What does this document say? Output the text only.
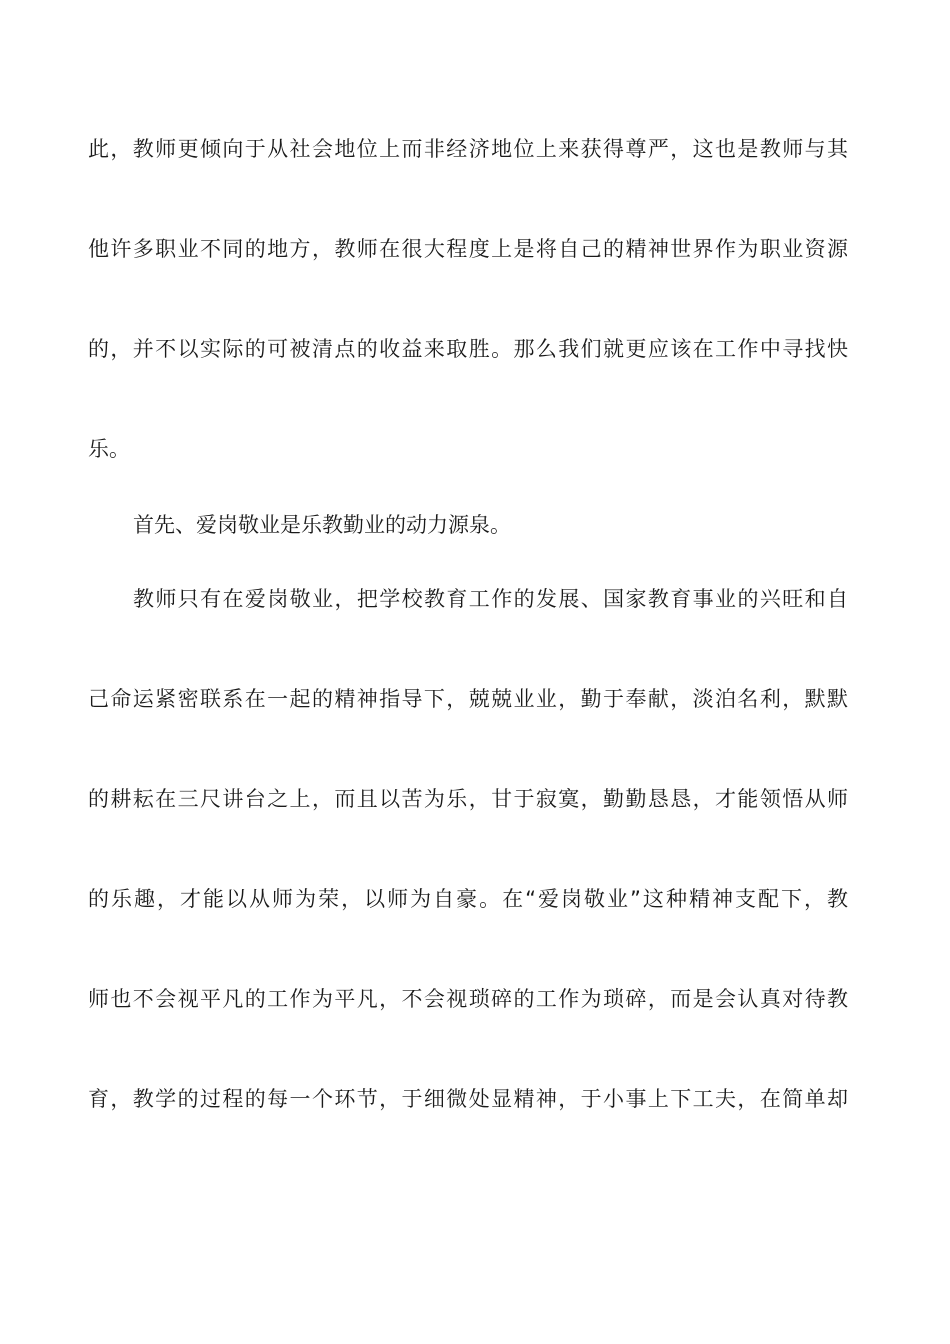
此，教师更倾向于从社会地位上而非经济地位上来获得尊严，这也是教师与其
他许多职业不同的地方，教师在很大程度上是将自己的精神世界作为职业资源
的，并不以实际的可被清点的收益来取胜。那么我们就更应该在工作中寻找快
乐。
首先、爱岗敬业是乐教勤业的动力源泉。
教师只有在爱岗敬业，把学校教育工作的发展、国家教育事业的兴旺和自
己命运紧密联系在一起的精神指导下，兢兢业业，勤于奉献，淡泊名利，默默
的耕耘在三尺讲台之上，而且以苦为乐，甘于寂寞，勤勤恳恳，才能领悟从师
的乐趣，才能以从师为荣，以师为自豪。在“爱岗敬业”这种精神支配下，教
师也不会视平凡的工作为平凡，不会视琐碎的工作为琐碎，而是会认真对待教
育，教学的过程的每一个环节，于细微处显精神，于小事上下工夫，在简单却
